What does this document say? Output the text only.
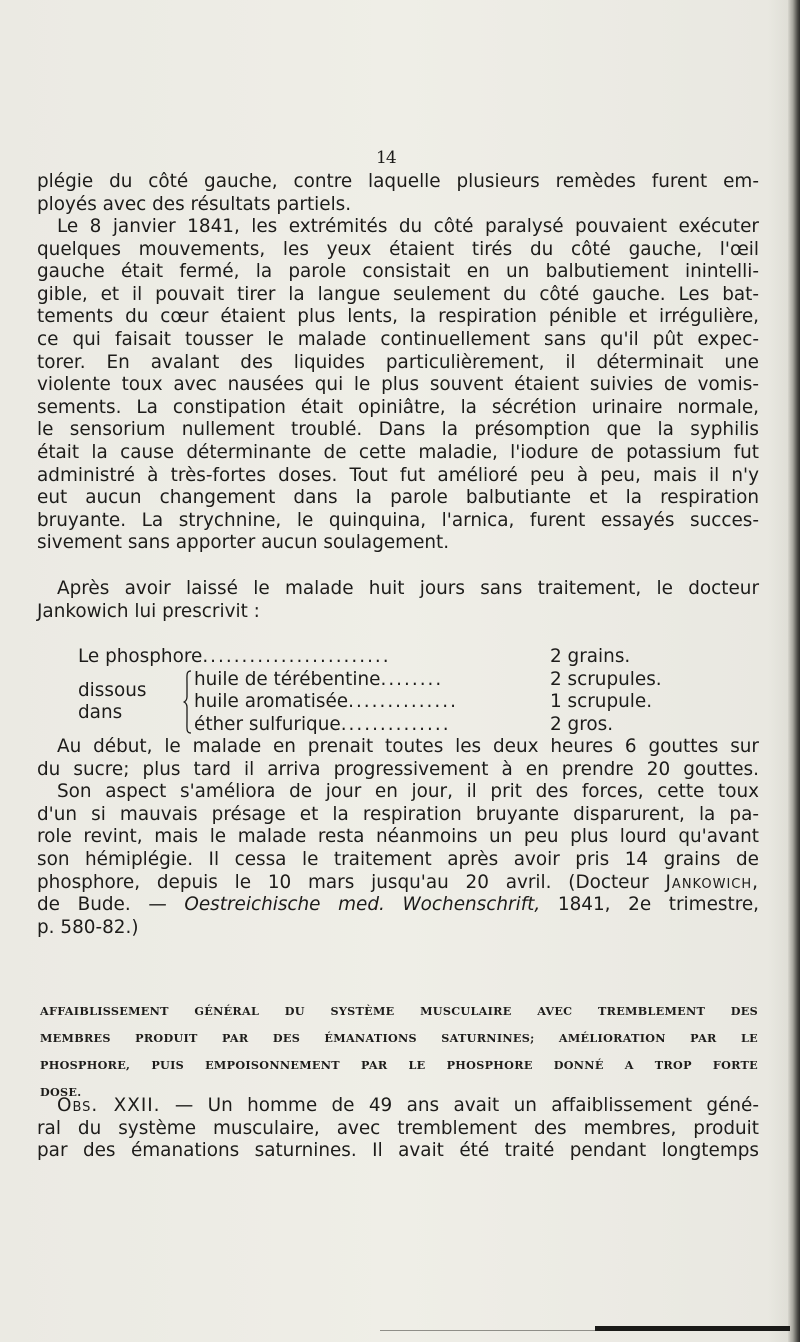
14

plégie du côté gauche, contre laquelle plusieurs remèdes furent em-

ployés avec des résultats partiels.

Le 8 janvier 1841, les extrémités du côté paralysé pouvaient exécuter

quelques mouvements, les yeux étaient tirés du côté gauche, l'œil

gauche était fermé, la parole consistait en un balbutiement inintelli-

gible, et il pouvait tirer la langue seulement du côté gauche. Les bat-

tements du cœur étaient plus lents, la respiration pénible et irrégulière,

ce qui faisait tousser le malade continuellement sans qu'il pût expec-

torer. En avalant des liquides particulièrement, il déterminait une

violente toux avec nausées qui le plus souvent étaient suivies de vomis-

sements. La constipation était opiniâtre, la sécrétion urinaire normale,

le sensorium nullement troublé. Dans la présomption que la syphilis

était la cause déterminante de cette maladie, l'iodure de potassium fut

administré à très-fortes doses. Tout fut amélioré peu à peu, mais il n'y

eut aucun changement dans la parole balbutiante et la respiration

bruyante. La strychnine, le quinquina, l'arnica, furent essayés succes-

sivement sans apporter aucun soulagement.

Après avoir laissé le malade huit jours sans traitement, le docteur

Jankowich lui prescrivit :

Le phosphore........................	2 grains.
dissous dans
huile de térébentine........	2 scrupules.
huile aromatisée..............	1 scrupule.
éther sulfurique..............	2 gros.

Au début, le malade en prenait toutes les deux heures 6 gouttes sur

du sucre; plus tard il arriva progressivement à en prendre 20 gouttes.

Son aspect s'améliora de jour en jour, il prit des forces, cette toux

d'un si mauvais présage et la respiration bruyante disparurent, la pa-

role revint, mais le malade resta néanmoins un peu plus lourd qu'avant

son hémiplégie. Il cessa le traitement après avoir pris 14 grains de

phosphore, depuis le 10 mars jusqu'au 20 avril. (Docteur Jankowich,

de Bude. — Oestreichische med. Wochenschrift, 1841, 2e trimestre,

p. 580-82.)

AFFAIBLISSEMENT GÉNÉRAL DU SYSTÈME MUSCULAIRE AVEC TREMBLEMENT DES

MEMBRES PRODUIT PAR DES ÉMANATIONS SATURNINES; AMÉLIORATION PAR LE

PHOSPHORE, PUIS EMPOISONNEMENT PAR LE PHOSPHORE DONNÉ A TROP FORTE

DOSE.

Obs. XXII. — Un homme de 49 ans avait un affaiblissement géné-

ral du système musculaire, avec tremblement des membres, produit

par des émanations saturnines. Il avait été traité pendant longtemps
